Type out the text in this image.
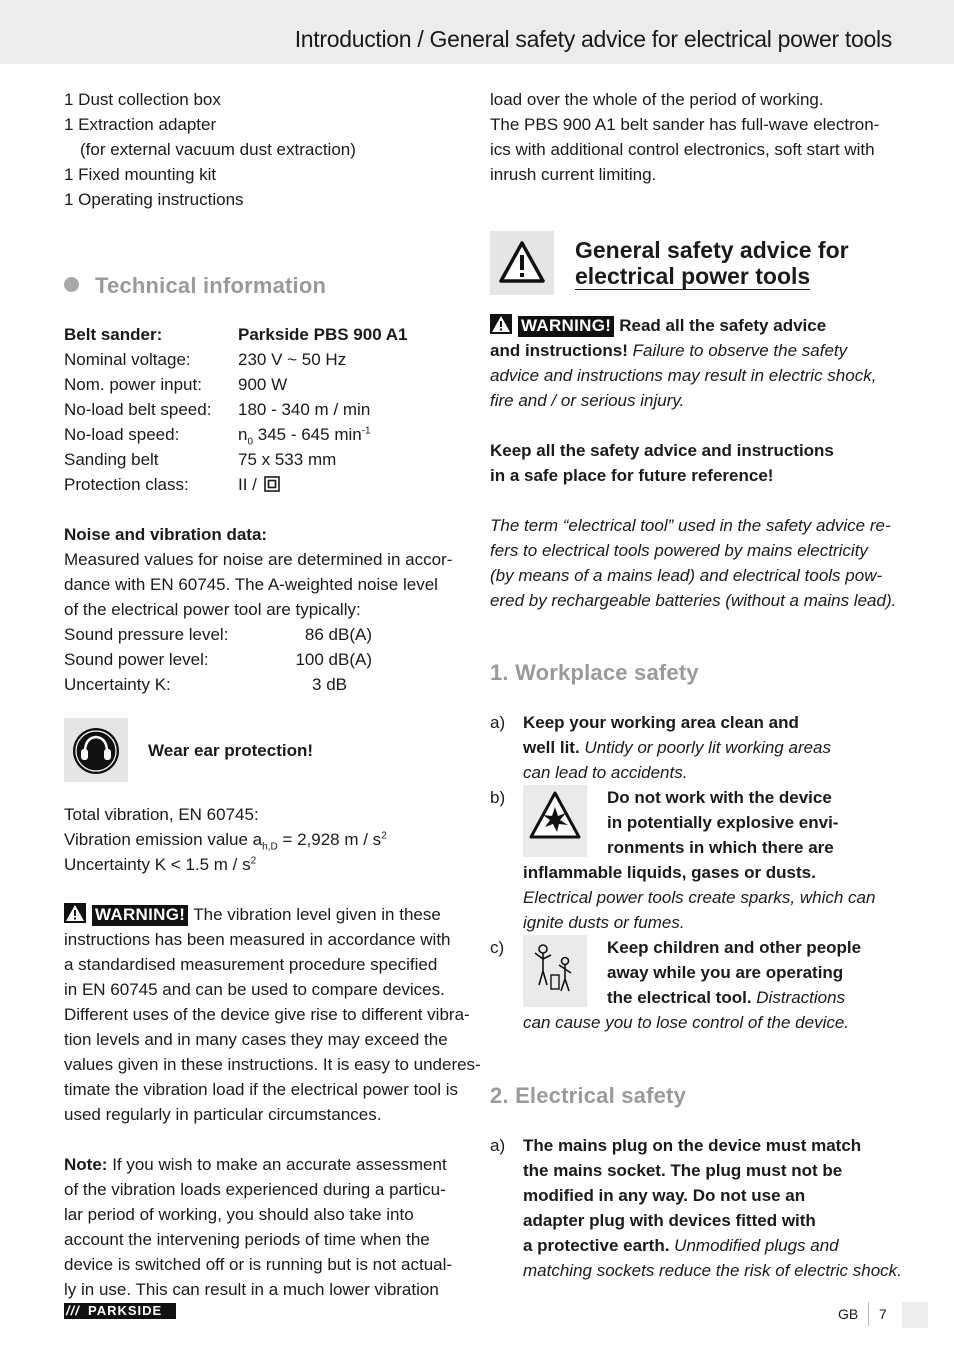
Introduction / General safety advice for electrical power tools
1 Dust collection box
1 Extraction adapter
(for external vacuum dust extraction)
1 Fixed mounting kit
1 Operating instructions
Technical information
Belt sander:	Parkside PBS 900 A1
Nominal voltage:	230 V ~ 50 Hz
Nom. power input:	900 W
No-load belt speed:	180 - 340 m / min
No-load speed:	$n_0$ 345 - 645 $\min^{-1}$
Sanding belt	75 x 533 mm
Protection class:	II /
Noise and vibration data:
Measured values for noise are determined in accor-
dance with EN 60745. The A-weighted noise level
of the electrical power tool are typically:
Sound pressure level:	86 dB(A)
Sound power level:	100 dB(A)
Uncertainty K:	3 dB
Wear ear protection!
Total vibration, EN 60745:
Vibration emission value $a_{h,D} = 2,928$ m / $s^2$
Uncertainty K < 1.5 m / $s^2$
WARNING! The vibration level given in these
instructions has been measured in accordance with
a standardised measurement procedure specified
in EN 60745 and can be used to compare devices.
Different uses of the device give rise to different vibra-
tion levels and in many cases they may exceed the
values given in these instructions. It is easy to underes-
timate the vibration load if the electrical power tool is
used regularly in particular circumstances.
Note: If you wish to make an accurate assessment
of the vibration loads experienced during a particu-
lar period of working, you should also take into
account the intervening periods of time when the
device is switched off or is running but is not actual-
ly in use. This can result in a much lower vibration
load over the whole of the period of working.
The PBS 900 A1 belt sander has full-wave electron-
ics with additional control electronics, soft start with
inrush current limiting.
General safety advice for
electrical power tools
WARNING! Read all the safety advice
and instructions! Failure to observe the safety
advice and instructions may result in electric shock,
fire and / or serious injury.
Keep all the safety advice and instructions
in a safe place for future reference!
The term “electrical tool” used in the safety advice re-
fers to electrical tools powered by mains electricity
(by means of a mains lead) and electrical tools pow-
ered by rechargeable batteries (without a mains lead).
1. Workplace safety
a) Keep your working area clean and
well lit. Untidy or poorly lit working areas
can lead to accidents.
b)	Do not work with the device
in potentially explosive envi-
ronments in which there are
inflammable liquids, gases or dusts.
Electrical power tools create sparks, which can
ignite dusts or fumes.
c)	Keep children and other people
away while you are operating
the electrical tool. Distractions
can cause you to lose control of the device.
2. Electrical safety
a) The mains plug on the device must match
the mains socket. The plug must not be
modified in any way. Do not use an
adapter plug with devices fitted with
a protective earth. Unmodified plugs and
matching sockets reduce the risk of electric shock.
/// PARKSIDE	GB 7
